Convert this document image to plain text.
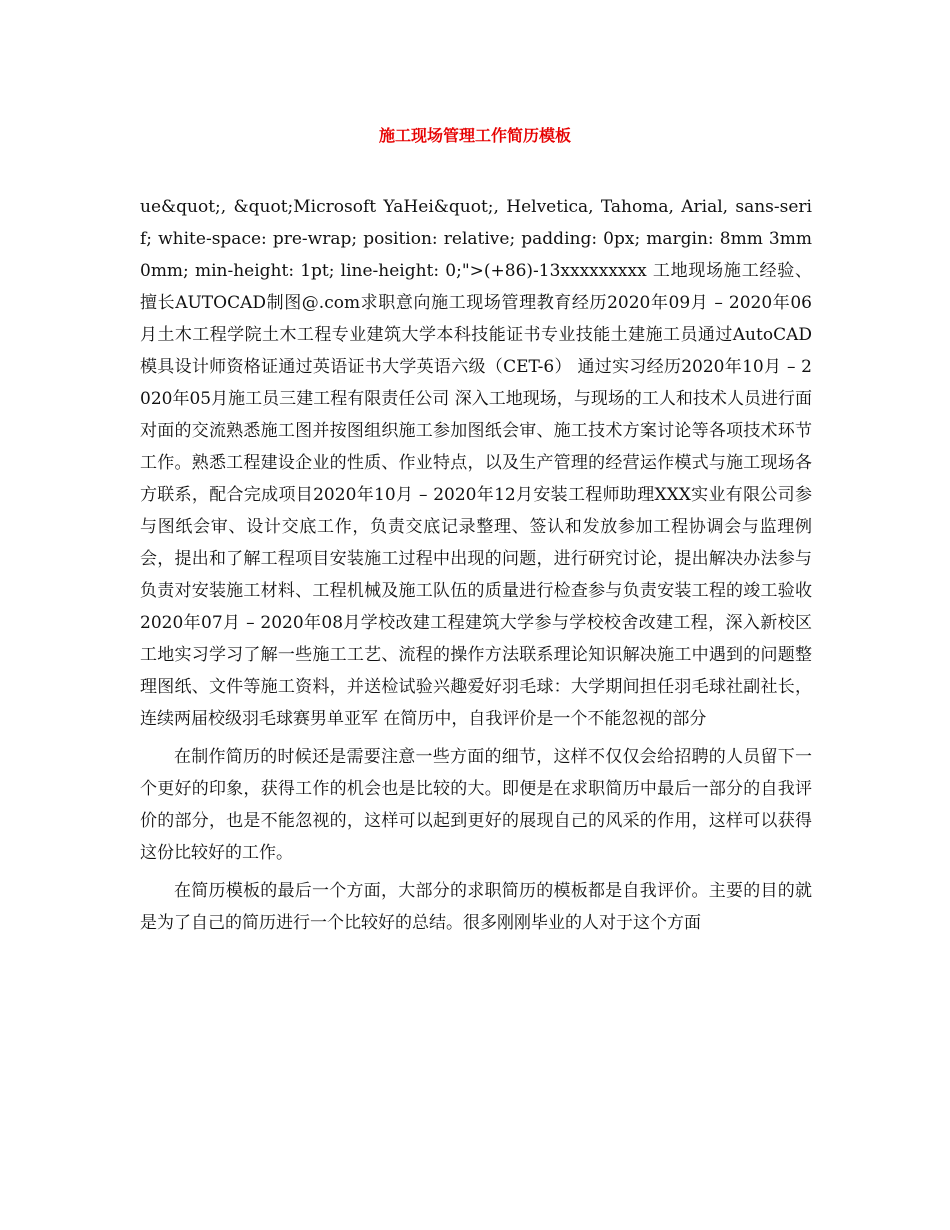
施工现场管理工作简历模板

ue&quot;, &quot;Microsoft YaHei&quot;, Helvetica, Tahoma, Arial, sans-serif; white-space: pre-wrap; position: relative; padding: 0px; margin: 8mm 3mm 0mm; min-height: 1pt; line-height: 0;">(+86)-13xxxxxxxxx 工地现场施工经验、擅长AUTOCAD制图@.com求职意向施工现场管理教育经历2020年09月 – 2020年06月土木工程学院土木工程专业建筑大学本科技能证书专业技能土建施工员通过AutoCAD模具设计师资格证通过英语证书大学英语六级（CET-6） 通过实习经历2020年10月 – 2020年05月施工员三建工程有限责任公司 深入工地现场，与现场的工人和技术人员进行面对面的交流熟悉施工图并按图组织施工参加图纸会审、施工技术方案讨论等各项技术环节工作。熟悉工程建设企业的性质、作业特点，以及生产管理的经营运作模式与施工现场各方联系，配合完成项目2020年10月 – 2020年12月安装工程师助理XXX实业有限公司参与图纸会审、设计交底工作，负责交底记录整理、签认和发放参加工程协调会与监理例会，提出和了解工程项目安装施工过程中出现的问题，进行研究讨论，提出解决办法参与负责对安装施工材料、工程机械及施工队伍的质量进行检查参与负责安装工程的竣工验收2020年07月 – 2020年08月学校改建工程建筑大学参与学校校舍改建工程，深入新校区工地实习学习了解一些施工工艺、流程的操作方法联系理论知识解决施工中遇到的问题整理图纸、文件等施工资料，并送检试验兴趣爱好羽毛球：大学期间担任羽毛球社副社长，连续两届校级羽毛球赛男单亚军 在简历中，自我评价是一个不能忽视的部分

在制作简历的时候还是需要注意一些方面的细节，这样不仅仅会给招聘的人员留下一个更好的印象，获得工作的机会也是比较的大。即便是在求职简历中最后一部分的自我评价的部分，也是不能忽视的，这样可以起到更好的展现自己的风采的作用，这样可以获得这份比较好的工作。

在简历模板的最后一个方面，大部分的求职简历的模板都是自我评价。主要的目的就是为了自己的简历进行一个比较好的总结。很多刚刚毕业的人对于这个方面
